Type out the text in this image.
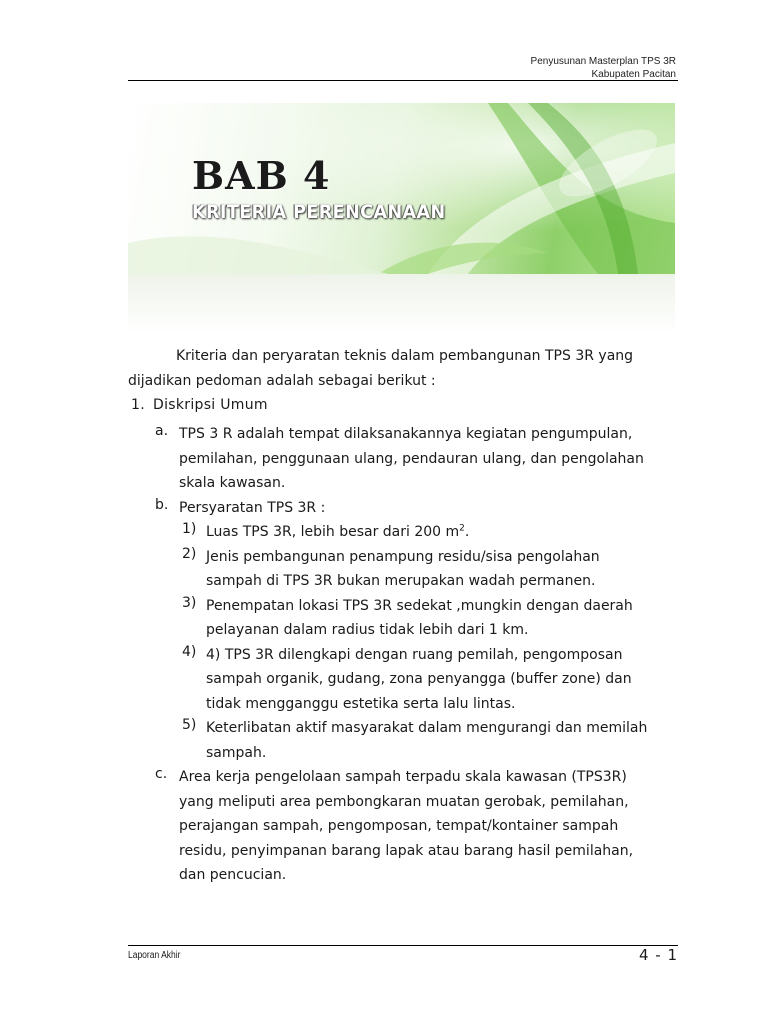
Penyusunan Masterplan TPS 3R
Kabupaten Pacitan
BAB 4
KRITERIA PERENCANAAN
Kriteria dan peryaratan teknis dalam pembangunan TPS 3R yang
dijadikan pedoman adalah sebagai berikut :
1. Diskripsi Umum
a. TPS 3 R adalah tempat dilaksanakannya kegiatan pengumpulan,
pemilahan, penggunaan ulang, pendauran ulang, dan pengolahan
skala kawasan.
b. Persyaratan TPS 3R :
1) Luas TPS 3R, lebih besar dari 200 $m^2$.
2) Jenis pembangunan penampung residu/sisa pengolahan
sampah di TPS 3R bukan merupakan wadah permanen.
3) Penempatan lokasi TPS 3R sedekat ,mungkin dengan daerah
pelayanan dalam radius tidak lebih dari 1 km.
4) 4) TPS 3R dilengkapi dengan ruang pemilah, pengomposan
sampah organik, gudang, zona penyangga (buffer zone) dan
tidak mengganggu estetika serta lalu lintas.
5) Keterlibatan aktif masyarakat dalam mengurangi dan memilah
sampah.
c. Area kerja pengelolaan sampah terpadu skala kawasan (TPS3R)
yang meliputi area pembongkaran muatan gerobak, pemilahan,
perajangan sampah, pengomposan, tempat/kontainer sampah
residu, penyimpanan barang lapak atau barang hasil pemilahan,
dan pencucian.
Laporan Akhir	4 - 1
